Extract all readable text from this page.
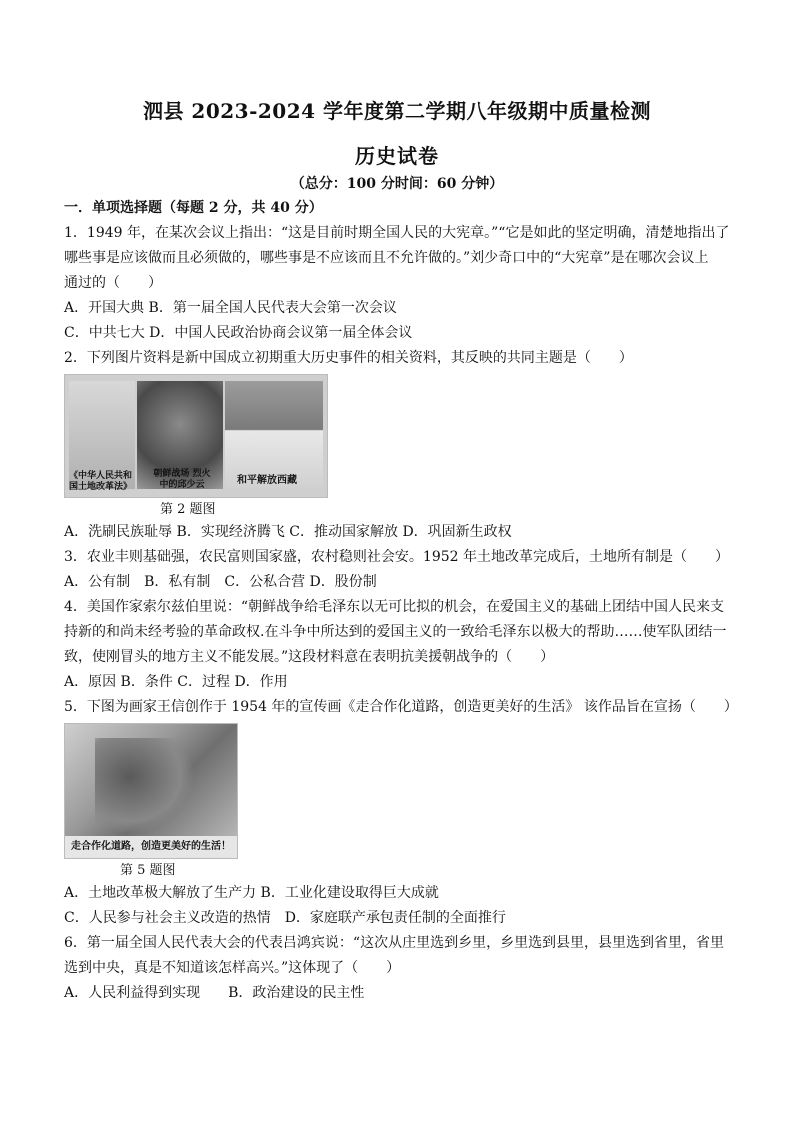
泗县 2023-2024 学年度第二学期八年级期中质量检测
历史试卷
（总分：100 分时间：60 分钟）
一．单项选择题（每题 2 分，共 40 分）
1．1949 年，在某次会议上指出：“这是目前时期全国人民的大宪章。”“它是如此的坚定明确，清楚地指出了
哪些事是应该做而且必须做的，哪些事是不应该而且不允许做的。”刘少奇口中的“大宪章”是在哪次会议上
通过的（　　）
A．开国大典 B．第一届全国人民代表大会第一次会议
C．中共七大 D．中国人民政治协商会议第一届全体会议
2．下列图片资料是新中国成立初期重大历史事件的相关资料，其反映的共同主题是（　　）
《中华人民共和国土地改革法》
朝鲜战场 烈火中的邱少云	和平解放西藏
第 2 题图
A．洗刷民族耻辱 B．实现经济腾飞 C．推动国家解放 D．巩固新生政权
3．农业丰则基础强，农民富则国家盛，农村稳则社会安。1952 年土地改革完成后，土地所有制是（　　）
A．公有制　B．私有制　C．公私合营 D．股份制
4．美国作家索尔兹伯里说：“朝鲜战争给毛泽东以无可比拟的机会，在爱国主义的基础上团结中国人民来支
持新的和尚未经考验的革命政权.在斗争中所达到的爱国主义的一致给毛泽东以极大的帮助……使军队团结一
致，使刚冒头的地方主义不能发展。”这段材料意在表明抗美援朝战争的（　　）
A．原因 B．条件 C．过程 D．作用
5．下图为画家王信创作于 1954 年的宣传画《走合作化道路，创造更美好的生活》 该作品旨在宣扬（　　）
走合作化道路，创造更美好的生活！
第 5 题图
A．土地改革极大解放了生产力 B．工业化建设取得巨大成就
C．人民参与社会主义改造的热情　D．家庭联产承包责任制的全面推行
6．第一届全国人民代表大会的代表吕鸿宾说：“这次从庄里选到乡里，乡里选到县里，县里选到省里，省里
选到中央，真是不知道该怎样高兴。”这体现了（　　）
A．人民利益得到实现　　B．政治建设的民主性
